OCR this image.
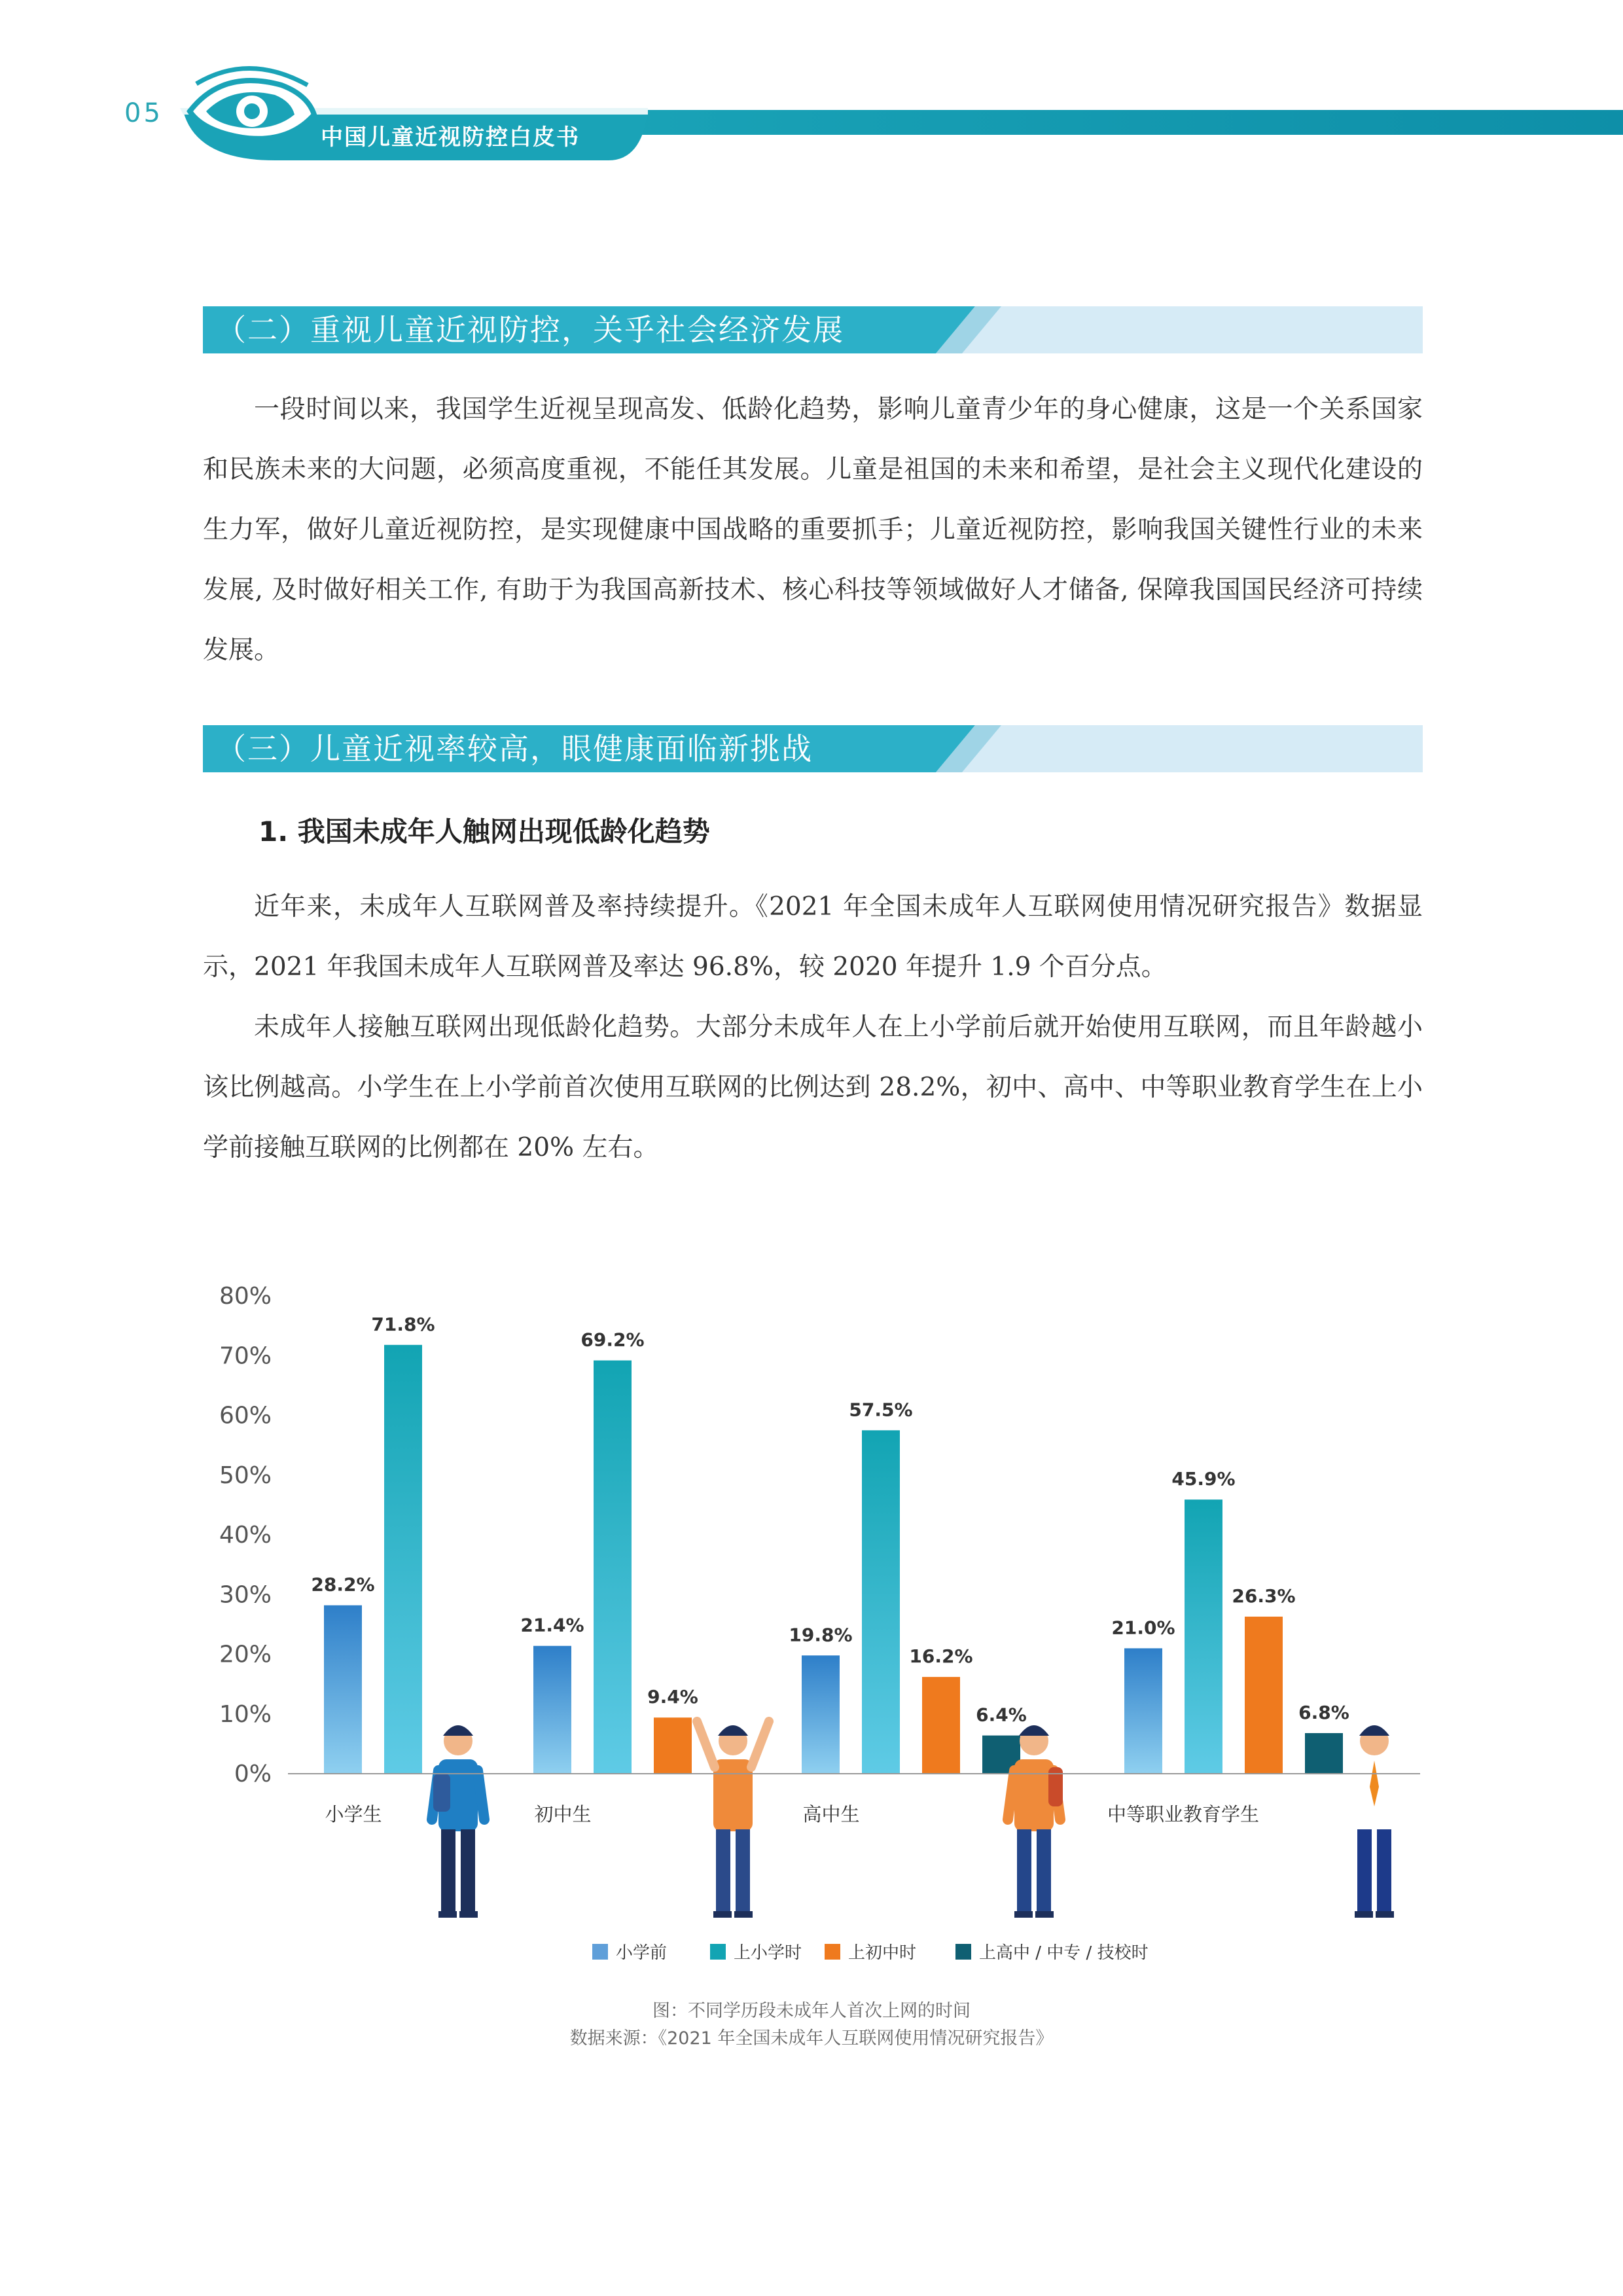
05
中国儿童近视防控白皮书
（二）重视儿童近视防控，关乎社会经济发展

一段时间以来，我国学生近视呈现高发、低龄化趋势，影响儿童青少年的身心健康，这是一个关系国家和民族未来的大问题，必须高度重视，不能任其发展。儿童是祖国的未来和希望，是社会主义现代化建设的生力军，做好儿童近视防控，是实现健康中国战略的重要抓手；儿童近视防控，影响我国关键性行业的未来发展, 及时做好相关工作, 有助于为我国高新技术、核心科技等领域做好人才储备, 保障我国国民经济可持续发展。

（三）儿童近视率较高，眼健康面临新挑战
1. 我国未成年人触网出现低龄化趋势

近年来，未成年人互联网普及率持续提升。《2021 年全国未成年人互联网使用情况研究报告》数据显示，2021 年我国未成年人互联网普及率达 96.8%，较 2020 年提升 1.9 个百分点。

未成年人接触互联网出现低龄化趋势。大部分未成年人在上小学前后就开始使用互联网，而且年龄越小该比例越高。小学生在上小学前首次使用互联网的比例达到 28.2%，初中、高中、中等职业教育学生在上小学前接触互联网的比例都在 20% 左右。

0%
10%
20%
30%
40%
50%
60%
70%
80%
28.2%
71.8%
21.4%
69.2%
9.4%
19.8%
57.5%
16.2%
6.4%
21.0%
45.9%
26.3%
6.8%
小学生	初中生	高中生	中等职业教育学生
小学前	上小学时	上初中时	上高中 / 中专 / 技校时
图：不同学历段未成年人首次上网的时间
数据来源：《2021 年全国未成年人互联网使用情况研究报告》
